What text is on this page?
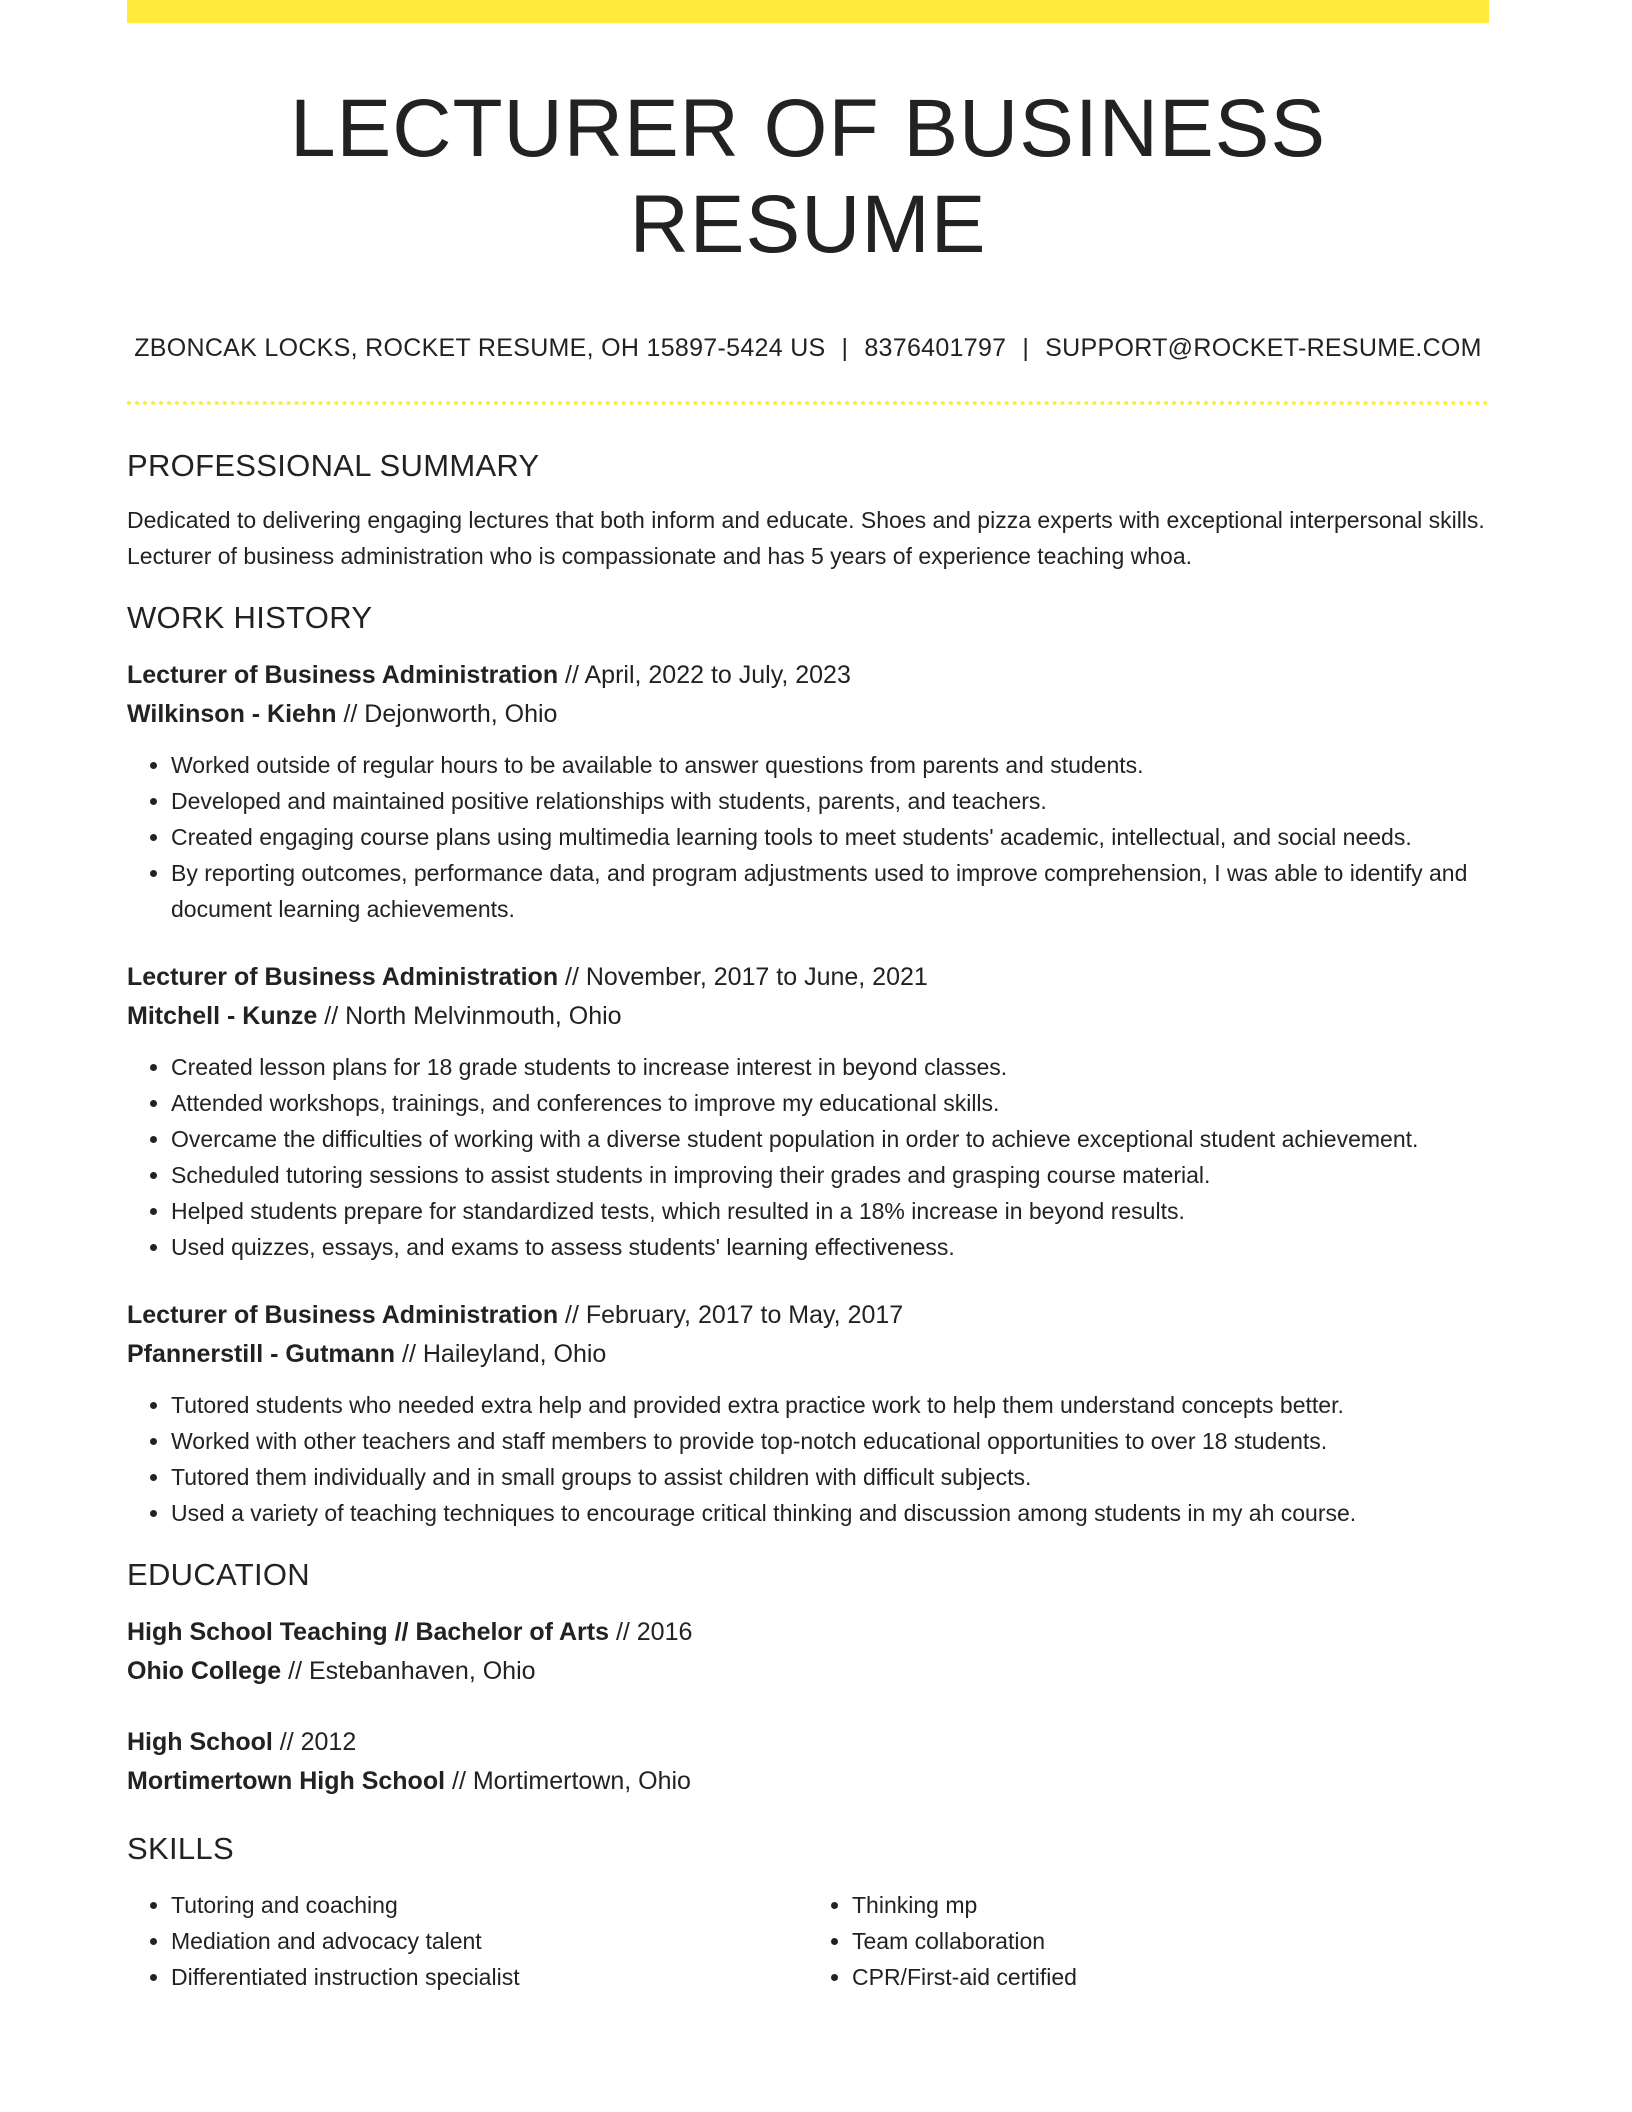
LECTURER OF BUSINESS RESUME
ZBONCAK LOCKS, ROCKET RESUME, OH 15897-5424 US | 8376401797 | SUPPORT@ROCKET-RESUME.COM
PROFESSIONAL SUMMARY

Dedicated to delivering engaging lectures that both inform and educate. Shoes and pizza experts with exceptional interpersonal skills. Lecturer of business administration who is compassionate and has 5 years of experience teaching whoa.

WORK HISTORY

Lecturer of Business Administration // April, 2022 to July, 2023

Wilkinson - Kiehn // Dejonworth, Ohio

• Worked outside of regular hours to be available to answer questions from parents and students.
• Developed and maintained positive relationships with students, parents, and teachers.
• Created engaging course plans using multimedia learning tools to meet students' academic, intellectual, and social needs.
• By reporting outcomes, performance data, and program adjustments used to improve comprehension, I was able to identify and document learning achievements.

Lecturer of Business Administration // November, 2017 to June, 2021

Mitchell - Kunze // North Melvinmouth, Ohio

• Created lesson plans for 18 grade students to increase interest in beyond classes.
• Attended workshops, trainings, and conferences to improve my educational skills.
• Overcame the difficulties of working with a diverse student population in order to achieve exceptional student achievement.
• Scheduled tutoring sessions to assist students in improving their grades and grasping course material.
• Helped students prepare for standardized tests, which resulted in a 18% increase in beyond results.
• Used quizzes, essays, and exams to assess students' learning effectiveness.

Lecturer of Business Administration // February, 2017 to May, 2017

Pfannerstill - Gutmann // Haileyland, Ohio

• Tutored students who needed extra help and provided extra practice work to help them understand concepts better.
• Worked with other teachers and staff members to provide top-notch educational opportunities to over 18 students.
• Tutored them individually and in small groups to assist children with difficult subjects.
• Used a variety of teaching techniques to encourage critical thinking and discussion among students in my ah course.
EDUCATION

High School Teaching // Bachelor of Arts // 2016

Ohio College // Estebanhaven, Ohio

High School // 2012

Mortimertown High School // Mortimertown, Ohio

SKILLS
• Tutoring and coaching
• Mediation and advocacy talent
• Differentiated instruction specialist
• Thinking mp
• Team collaboration
• CPR/First-aid certified
